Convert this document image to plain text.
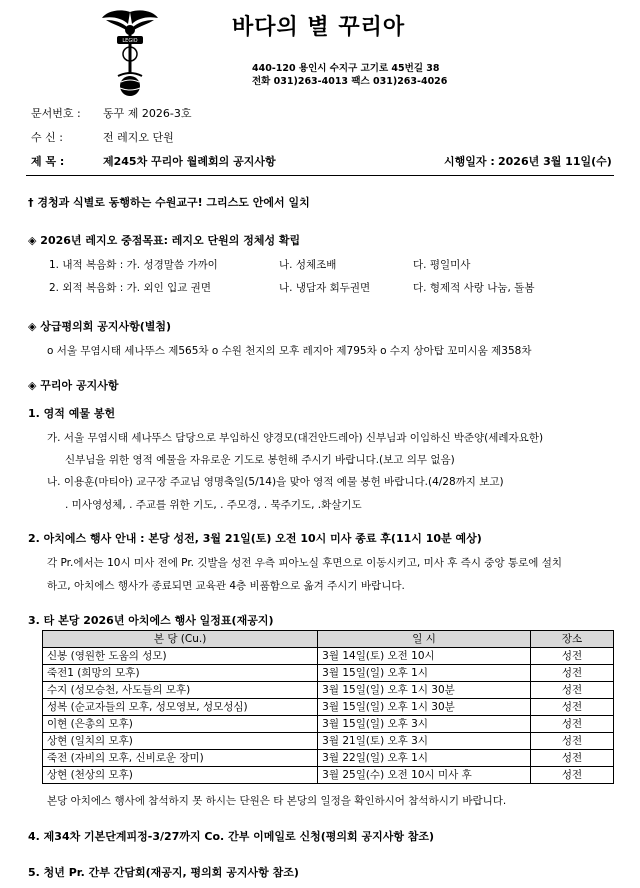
LEGIO
바다의 별 꾸리아
440-120 용인시 수지구 고기로 45번길 38
전화 031)263-4013 팩스 031)263-4026
문서번호 : 동꾸 제 2026-3호
수 신 :	전 레지오 단원
제 목 :	제245차 꾸리아 월례회의 공지사항	시행일자 : 2026년 3월 11일(수)
† 경청과 식별로 동행하는 수원교구! 그리스도 안에서 일치
◈ 2026년 레지오 중점목표: 레지오 단원의 정체성 확립
1. 내적 복음화 : 가. 성경말씀 가까이	나. 성체조배	다. 평일미사
2. 외적 복음화 : 가. 외인 입교 권면	나. 냉담자 회두권면	다. 형제적 사랑 나눔, 돌봄
◈ 상급평의회 공지사항(별첨)
o 서울 무염시태 세나뚜스 제565차 o 수원 천지의 모후 레지아 제795차 o 수지 상아탑 꼬미시움 제358차
◈ 꾸리아 공지사항
1. 영적 예물 봉헌
가. 서울 무염시태 세나뚜스 담당으로 부임하신 양경모(대건안드레아) 신부님과 이임하신 박준양(세례자요한)
신부님을 위한 영적 예물을 자유로운 기도로 봉헌해 주시기 바랍니다.(보고 의무 없음)
나. 이용훈(마티아) 교구장 주교님 영명축일(5/14)을 맞아 영적 예물 봉헌 바랍니다.(4/28까지 보고)
. 미사영성체, . 주교를 위한 기도, . 주모경, . 묵주기도, .화살기도
2. 아치에스 행사 안내 : 본당 성전, 3월 21일(토) 오전 10시 미사 종료 후(11시 10분 예상)
각 Pr.에서는 10시 미사 전에 Pr. 깃발을 성전 우측 피아노실 후면으로 이동시키고, 미사 후 즉시 중앙 통로에 설치
하고, 아치에스 행사가 종료되면 교육관 4층 비품함으로 옮겨 주시기 바랍니다.
3. 타 본당 2026년 아치에스 행사 일정표(재공지)
본 당 (Cu.)	일 시	장소
신봉 (영원한 도움의 성모)	3월 14일(토) 오전 10시	성전
죽전1 (희망의 모후)	3월 15일(일) 오후 1시	성전
수지 (성모승천, 사도들의 모후)	3월 15일(일) 오후 1시 30분	성전
성복 (순교자들의 모후, 성모영보, 성모성심)	3월 15일(일) 오후 1시 30분	성전
이현 (은총의 모후)	3월 15일(일) 오후 3시	성전
상현 (일치의 모후)	3월 21일(토) 오후 3시	성전
죽전 (자비의 모후, 신비로운 장미)	3월 22일(일) 오후 1시	성전
상현 (천상의 모후)	3월 25일(수) 오전 10시 미사 후	성전
본당 아치에스 행사에 참석하지 못 하시는 단원은 타 본당의 일정을 확인하시어 참석하시기 바랍니다.
4. 제34차 기본단계피정-3/27까지 Co. 간부 이메일로 신청(평의회 공지사항 참조)
5. 청년 Pr. 간부 간담회(재공지, 평의회 공지사항 참조)
